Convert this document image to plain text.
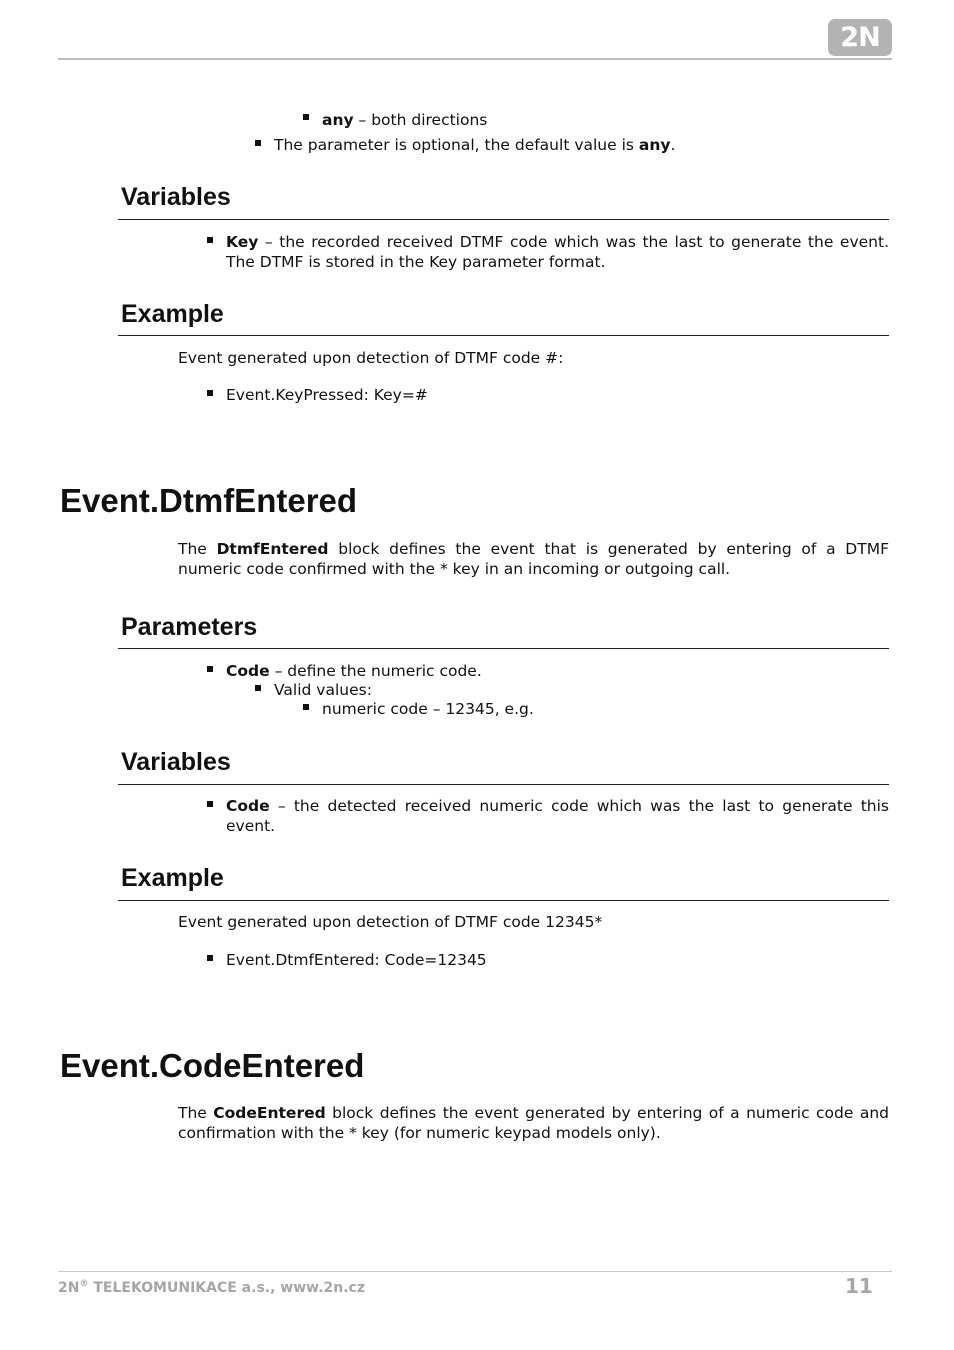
2N
any – both directions
The parameter is optional, the default value is any.
Variables
Key – the recorded received DTMF code which was the last to generate the event. The DTMF is stored in the Key parameter format.
Example
Event generated upon detection of DTMF code #:
Event.KeyPressed: Key=#
Event.DtmfEntered
The DtmfEntered block defines the event that is generated by entering of a DTMF numeric code confirmed with the * key in an incoming or outgoing call.
Parameters
Code – define the numeric code.
Valid values:
numeric code – 12345, e.g.
Variables
Code – the detected received numeric code which was the last to generate this event.
Example
Event generated upon detection of DTMF code 12345*
Event.DtmfEntered: Code=12345
Event.CodeEntered
The CodeEntered block defines the event generated by entering of a numeric code and confirmation with the * key (for numeric keypad models only).
2N® TELEKOMUNIKACE a.s., www.2n.cz	11
